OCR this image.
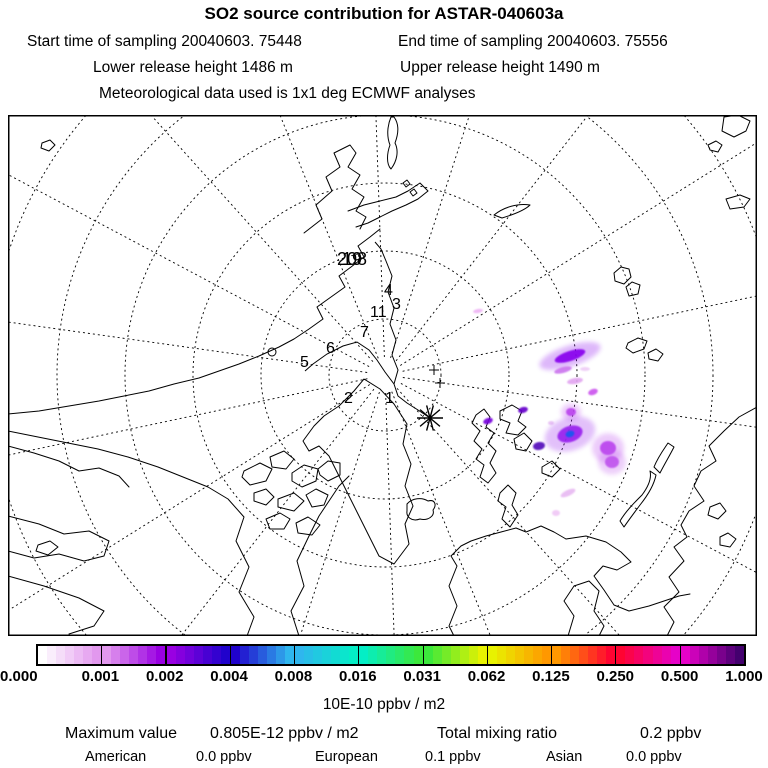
SO2 source contribution for ASTAR-040603a
Start time of sampling 20040603. 75448	End time of sampling 20040603. 75556
Lower release height 1486 m	Upper release height 1490 m
Meteorological data used is 1x1 deg ECMWF analyses
21098
4
3
11
7
6
5
2 1
0.000	0.001	0.002	0.004	0.008	0.016	0.031	0.062	0.125	0.250	0.500	1.000
10E-10 ppbv / m2
Maximum value 0.805E-12 ppbv / m2	Total mixing ratio	0.2 ppbv
American	0.0 ppbv	European	0.1 ppbv	Asian	0.0 ppbv
